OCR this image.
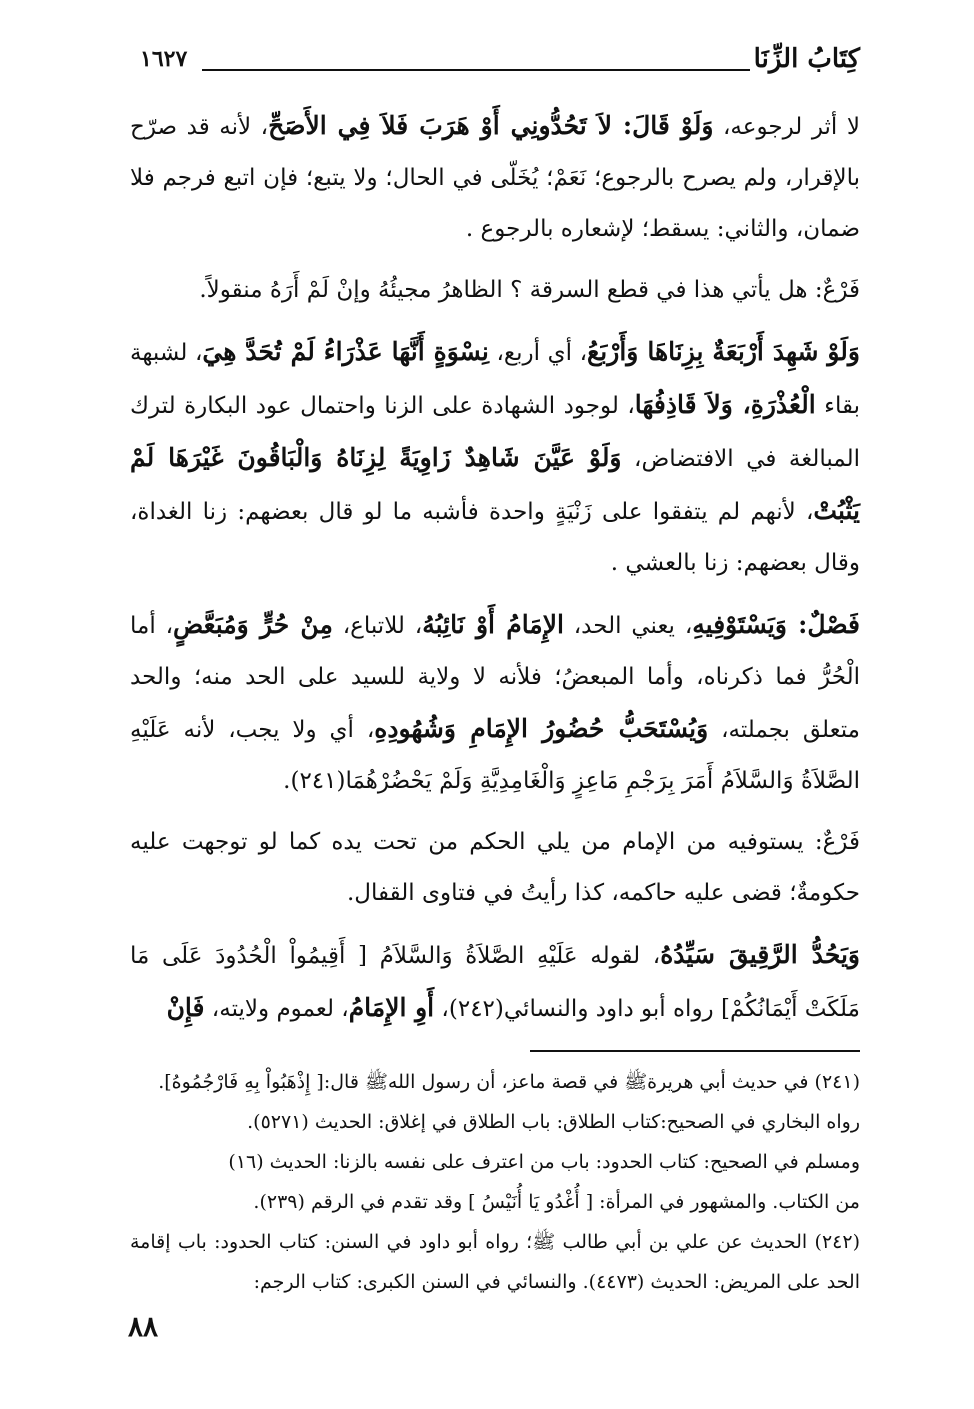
كِتَابُ الزِّنَا
١٦٢٧

لا أثر لرجوعه، وَلَوْ قَالَ: لاَ تَحُدُّونِي أَوْ هَرَبَ فَلاَ فِي الأَصَحِّ، لأنه قد صرّح بالإقرار، ولم يصرح بالرجوع؛ نَعَمْ؛ يُخَلّى في الحال؛ ولا يتبع؛ فإن اتبع فرجم فلا ضمان، والثاني: يسقط؛ لإشعاره بالرجوع .

فَرْعٌ: هل يأتي هذا في قطع السرقة ؟ الظاهرُ مجيئُهُ وإنْ لَمْ أَرَهُ منقولاً.

وَلَوْ شَهِدَ أَرْبَعَةٌ بِزِنَاهَا وَأَرْبَعُ، أي أربع، نِسْوَةٍ أَنَّهَا عَذْرَاءُ لَمْ تُحَدَّ هِيَ، لشبهة بقاء الْعُذْرَةِ، وَلاَ قَاذِفُهَا، لوجود الشهادة على الزنا واحتمال عود البكارة لترك المبالغة في الافتضاض، وَلَوْ عَيَّنَ شَاهِدٌ زَاوِيَةً لِزِنَاهُ وَالْبَاقُونَ غَيْرَهَا لَمْ يَثْبُتْ، لأنهم لم يتفقوا على زَنْيَةٍ واحدة فأشبه ما لو قال بعضهم: زنا الغداة، وقال بعضهم: زنا بالعشي .

فَصْلٌ: وَيَسْتَوْفِيهِ، يعني الحد، الإِمَامُ أَوْ نَائِبُهُ، للاتباع، مِنْ حُرٍّ وَمُبَعَّضٍ، أما الْحُرُّ فما ذكرناه، وأما المبعضُ؛ فلأنه لا ولاية للسيد على الحد منه؛ والحد متعلق بجملته، وَيُسْتَحَبُّ حُضُورُ الإِمَامِ وَشُهُودِهِ، أي ولا يجب، لأنه عَلَيْهِ الصَّلاَةُ وَالسَّلاَمُ أَمَرَ بِرَجْمِ مَاعِزٍ وَالْغَامِدِيَّةِ وَلَمْ يَحْضُرْهُمَا(٢٤١).

فَرْعٌ: يستوفيه من الإمام من يلي الحكم من تحت يده كما لو توجهت عليه حكومةٌ؛ قضى عليه حاكمه، كذا رأيتُ في فتاوى القفال.

وَيَحُدُّ الرَّقِيقَ سَيِّدُهُ، لقوله عَلَيْهِ الصَّلاَةُ وَالسَّلاَمُ [ أَقِيمُواْ الْحُدُودَ عَلَى مَا مَلَكَتْ أَيْمَانُكُمْ] رواه أبو داود والنسائي(٢٤٢)، أَوِ الإِمَامُ، لعموم ولايته، فَإِنْ

(٢٤١) في حديث أبي هريرةﷺ في قصة ماعز، أن رسول اللهﷺ قال:[ إِذْهَبُواْ بِهِ فَارْجُمُوهُ].

رواه البخاري في الصحيح:كتاب الطلاق: باب الطلاق في إغلاق: الحديث (٥٢٧١).

ومسلم في الصحيح: كتاب الحدود: باب من اعترف على نفسه بالزنا: الحديث (١٦)

من الكتاب. والمشهور في المرأة: [ أُغْدُو يَا أُنَيْسُ ] وقد تقدم في الرقم (٢٣٩).

(٢٤٢) الحديث عن علي بن أبي طالب ﷺ؛ رواه أبو داود في السنن: كتاب الحدود: باب إقامة الحد على المريض: الحديث (٤٤٧٣). والنسائي في السنن الكبرى: كتاب الرجم:

٨٨
